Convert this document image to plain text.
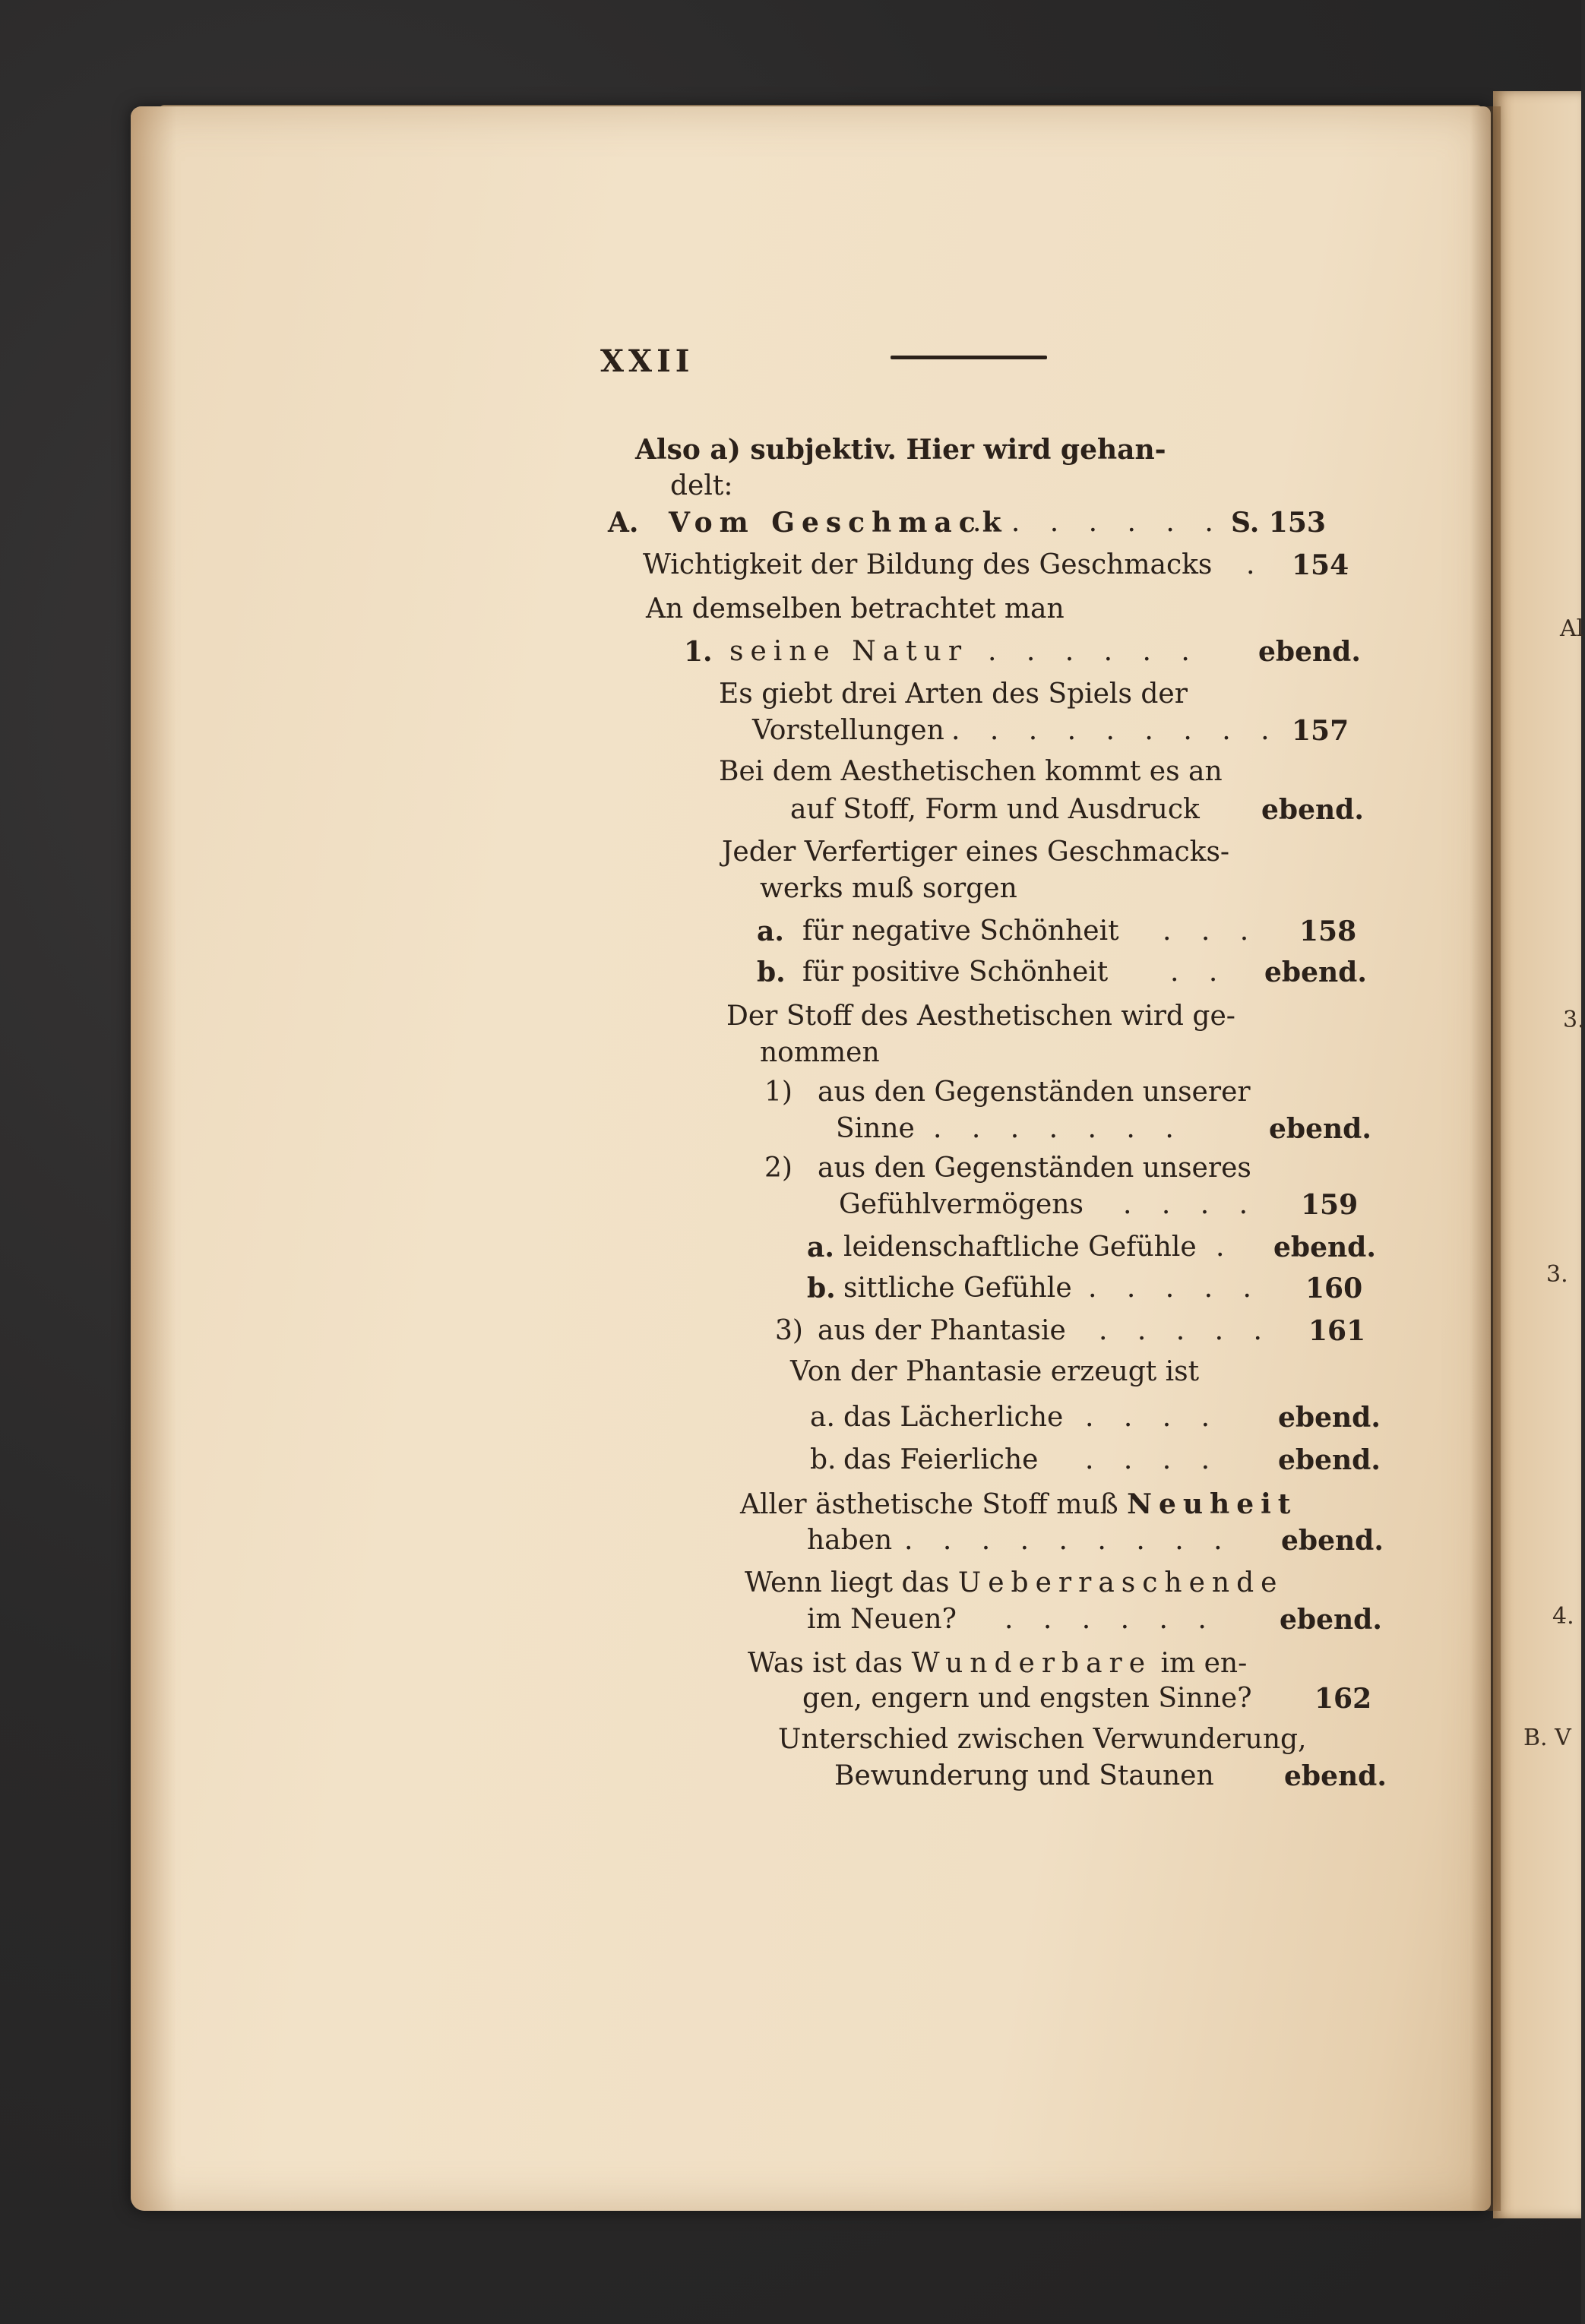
Al
3.
3.
4.
B. V
XXII
Also a) subjektiv. Hier wird gehan-
delt:
A. Vom Geschmack
. . . . . . . S. 153
Wichtigkeit der Bildung des Geschmacks . 154
An demselben betrachtet man
1. seine Natur . . . . . . ebend.
Es giebt drei Arten des Spiels der
Vorstellungen . . . . . . . . . 157
Bei dem Aesthetischen kommt es an
auf Stoff, Form und Ausdruck ebend.
Jeder Verfertiger eines Geschmacks-
werks muß sorgen
a. für negative Schönheit . . . 158
b. für positive Schönheit . . ebend.
Der Stoff des Aesthetischen wird ge-
nommen
1) aus den Gegenständen unserer
Sinne . . . . . . .	ebend.
2) aus den Gegenständen unseres
Gefühlvermögens . . . . 159
a. leidenschaftliche Gefühle . ebend.
b. sittliche Gefühle . . . . . 160
3) aus der Phantasie . . . . . 161
Von der Phantasie erzeugt ist
a. das Lächerliche . . . . ebend.
b. das Feierliche . . . . ebend.
Aller ästhetische Stoff muß Neuheit
haben . . . . . . . . . ebend.
Wenn liegt das Ueberraschende
im Neuen? . . . . . . ebend.
Was ist das Wunderbare im en-
gen, engern und engsten Sinne? 162
Unterschied zwischen Verwunderung,
Bewunderung und Staunen	ebend.
